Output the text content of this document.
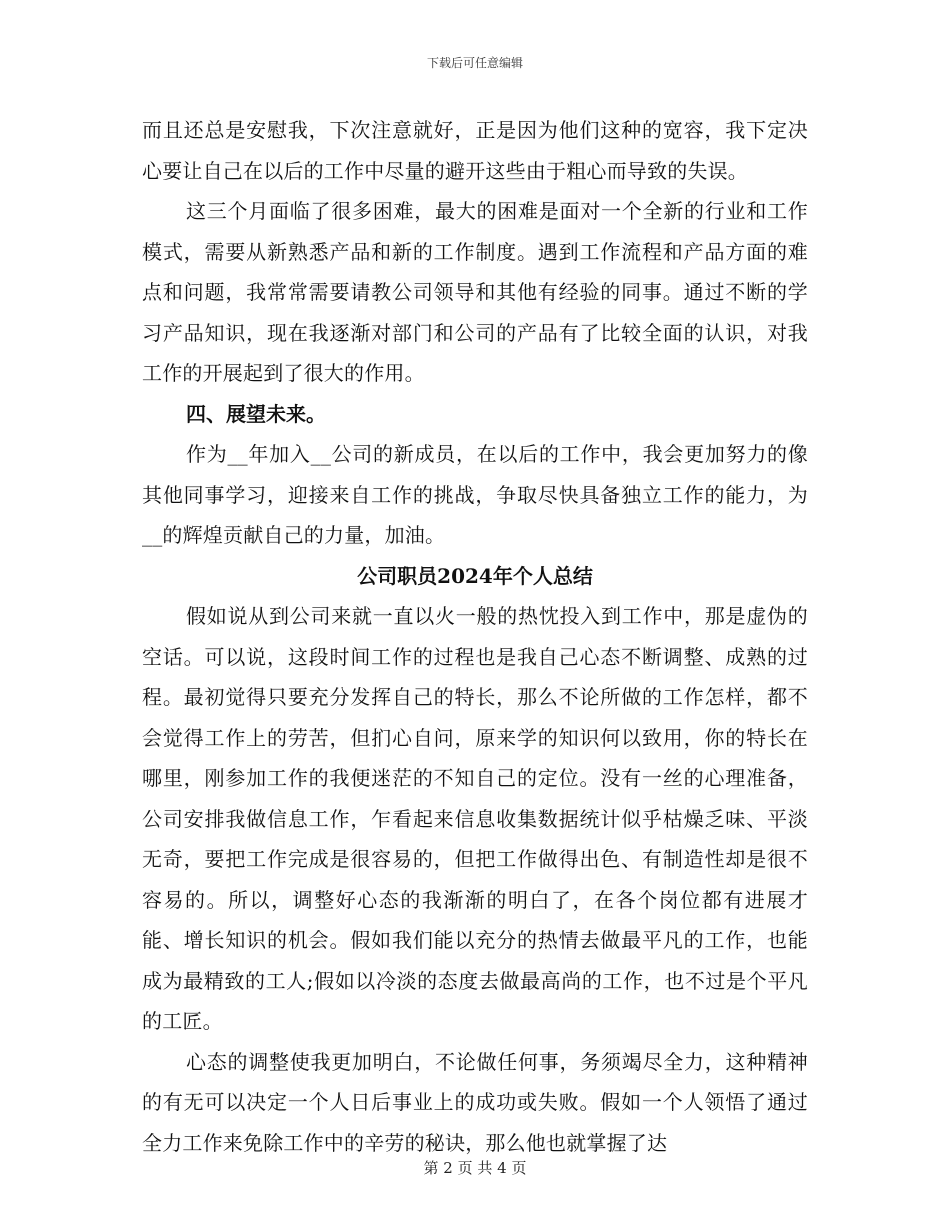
下载后可任意编辑

而且还总是安慰我，下次注意就好，正是因为他们这种的宽容，我下定决心要让自己在以后的工作中尽量的避开这些由于粗心而导致的失误。

这三个月面临了很多困难，最大的困难是面对一个全新的行业和工作模式，需要从新熟悉产品和新的工作制度。遇到工作流程和产品方面的难点和问题，我常常需要请教公司领导和其他有经验的同事。通过不断的学习产品知识，现在我逐渐对部门和公司的产品有了比较全面的认识，对我工作的开展起到了很大的作用。

四、展望未来。

作为__年加入__公司的新成员，在以后的工作中，我会更加努力的像其他同事学习，迎接来自工作的挑战，争取尽快具备独立工作的能力，为__的辉煌贡献自己的力量，加油。

公司职员2024年个人总结

假如说从到公司来就一直以火一般的热忱投入到工作中，那是虚伪的空话。可以说，这段时间工作的过程也是我自己心态不断调整、成熟的过程。最初觉得只要充分发挥自己的特长，那么不论所做的工作怎样，都不会觉得工作上的劳苦，但扪心自问，原来学的知识何以致用，你的特长在哪里，刚参加工作的我便迷茫的不知自己的定位。没有一丝的心理准备，公司安排我做信息工作，乍看起来信息收集数据统计似乎枯燥乏味、平淡无奇，要把工作完成是很容易的，但把工作做得出色、有制造性却是很不容易的。所以，调整好心态的我渐渐的明白了，在各个岗位都有进展才能、增长知识的机会。假如我们能以充分的热情去做最平凡的工作，也能成为最精致的工人;假如以冷淡的态度去做最高尚的工作，也不过是个平凡的工匠。

心态的调整使我更加明白，不论做任何事，务须竭尽全力，这种精神的有无可以决定一个人日后事业上的成功或失败。假如一个人领悟了通过全力工作来免除工作中的辛劳的秘诀，那么他也就掌握了达

第 2 页 共 4 页
